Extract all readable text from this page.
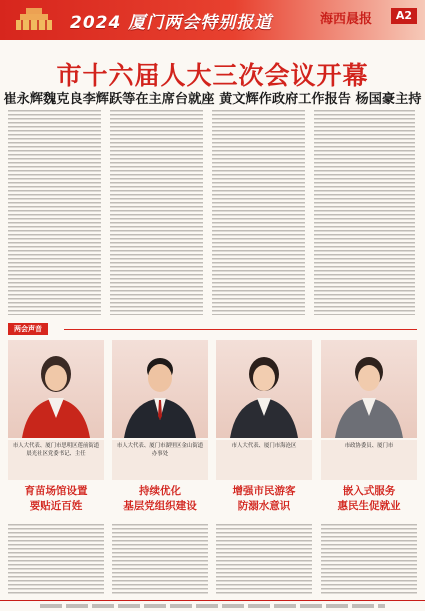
2024 厦门两会特别报道	海西晨报	A2
市十六届人大三次会议开幕
崔永辉魏克良李辉跃等在主席台就座 黄文辉作政府工作报告 杨国豪主持
两会声音
市人大代表、厦门市思明区莲前街道晨光社区党委书记、主任
市人大代表、厦门市湖里区金山街道办事处
市人大代表、厦门市海沧区	市政协委员、厦门市
育苗场馆设置
要贴近百姓
持续优化
基层党组织建设
增强市民游客
防溺水意识
嵌入式服务
惠民生促就业
